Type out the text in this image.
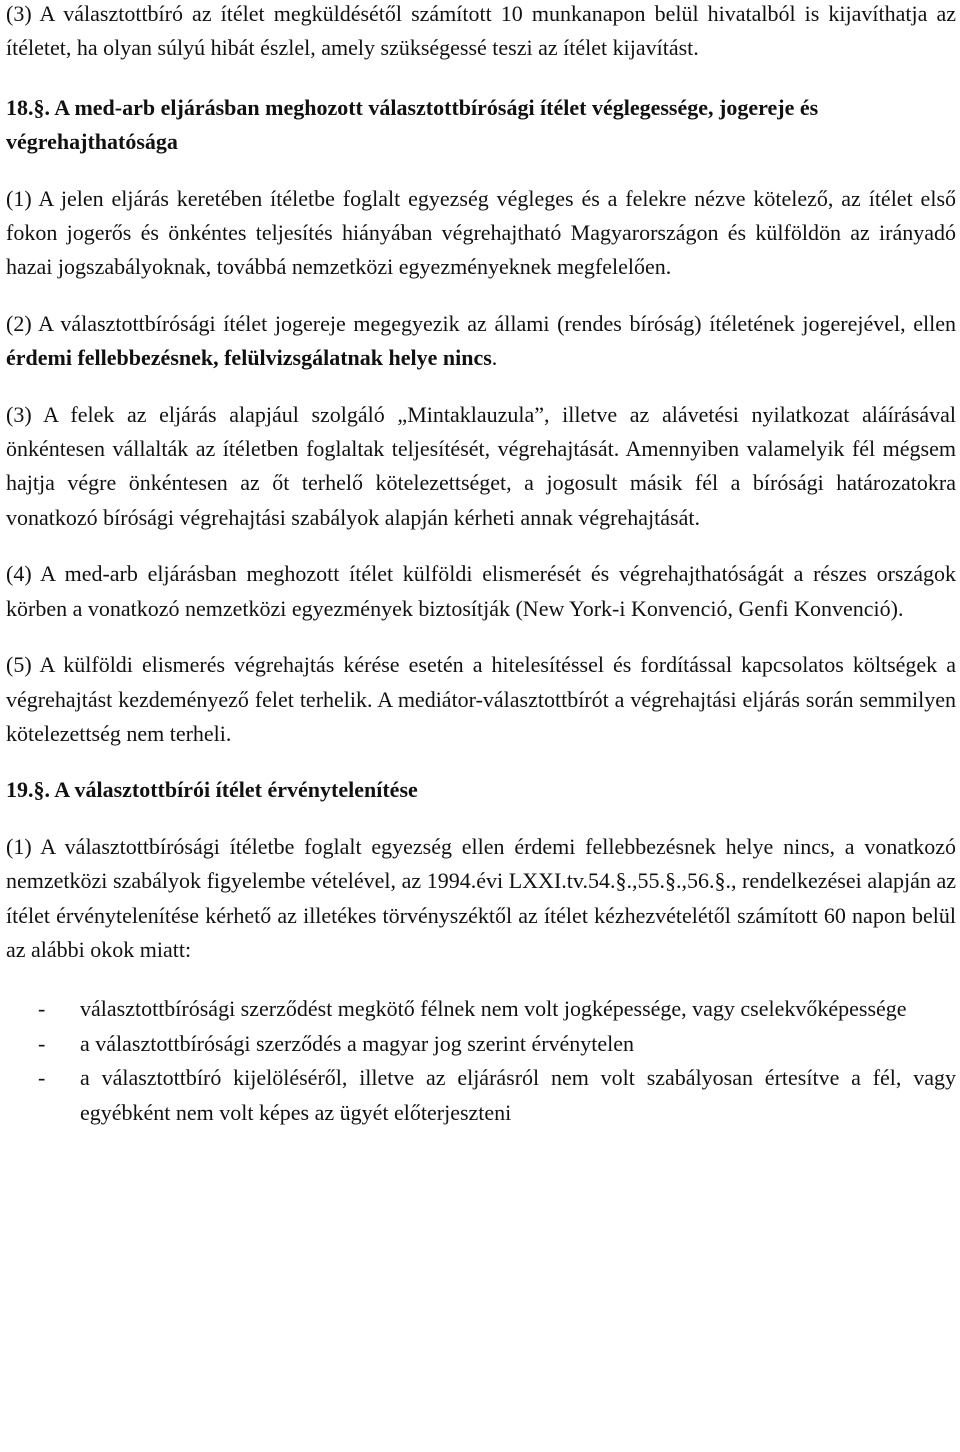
(3) A választottbíró az ítélet megküldésétől számított 10 munkanapon belül hivatalból is kijavíthatja az ítéletet, ha olyan súlyú hibát észlel, amely szükségessé teszi az ítélet kijavítást.

18.§. A med-arb eljárásban meghozott választottbírósági ítélet véglegessége, jogereje és végrehajthatósága

(1) A jelen eljárás keretében ítéletbe foglalt egyezség végleges és a felekre nézve kötelező, az ítélet első fokon jogerős és önkéntes teljesítés hiányában végrehajtható Magyarországon és külföldön az irányadó hazai jogszabályoknak, továbbá nemzetközi egyezményeknek megfelelően.

(2) A választottbírósági ítélet jogereje megegyezik az állami (rendes bíróság) ítéletének jogerejével, ellen érdemi fellebbezésnek, felülvizsgálatnak helye nincs.

(3) A felek az eljárás alapjául szolgáló „Mintaklauzula”, illetve az alávetési nyilatkozat aláírásával önkéntesen vállalták az ítéletben foglaltak teljesítését, végrehajtását. Amennyiben valamelyik fél mégsem hajtja végre önkéntesen az őt terhelő kötelezettséget, a jogosult másik fél a bírósági határozatokra vonatkozó bírósági végrehajtási szabályok alapján kérheti annak végrehajtását.

(4) A med-arb eljárásban meghozott ítélet külföldi elismerését és végrehajthatóságát a részes országok körben a vonatkozó nemzetközi egyezmények biztosítják (New York-i Konvenció, Genfi Konvenció).

(5) A külföldi elismerés végrehajtás kérése esetén a hitelesítéssel és fordítással kapcsolatos költségek a végrehajtást kezdeményező felet terhelik. A mediátor-választottbírót a végrehajtási eljárás során semmilyen kötelezettség nem terheli.

19.§. A választottbírói ítélet érvénytelenítése

(1) A választottbírósági ítéletbe foglalt egyezség ellen érdemi fellebbezésnek helye nincs, a vonatkozó nemzetközi szabályok figyelembe vételével, az 1994.évi LXXI.tv.54.§.,55.§.,56.§., rendelkezései alapján az ítélet érvénytelenítése kérhető az illetékes törvényszéktől az ítélet kézhezvételétől számított 60 napon belül az alábbi okok miatt:

- választottbírósági szerződést megkötő félnek nem volt jogképessége, vagy cselekvőképessége
- a választottbírósági szerződés a magyar jog szerint érvénytelen
- a választottbíró kijelöléséről, illetve az eljárásról nem volt szabályosan értesítve a fél, vagy egyébként nem volt képes az ügyét előterjeszteni
